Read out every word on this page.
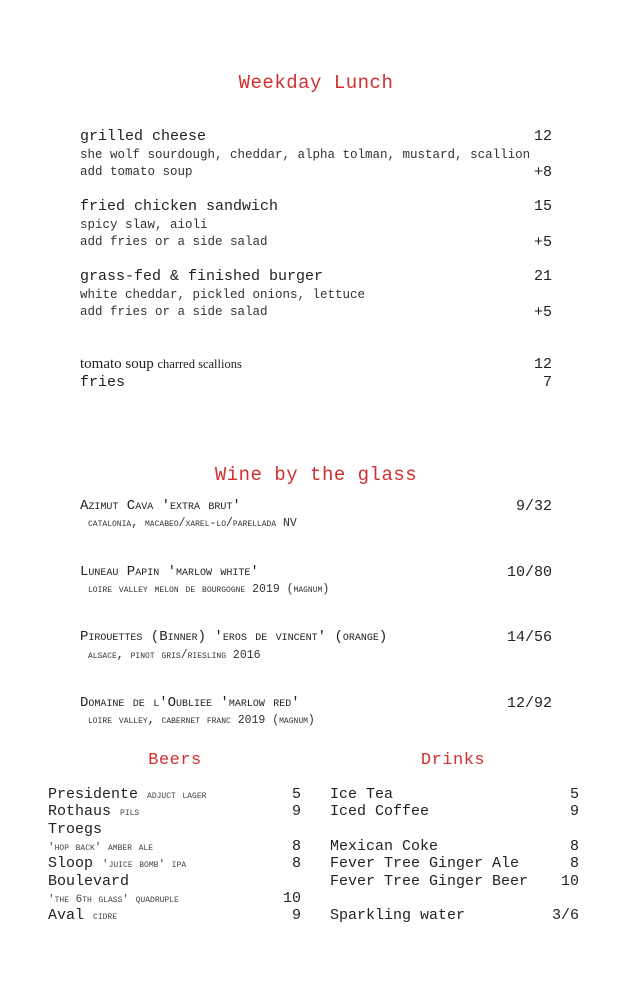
Weekday Lunch
grilled cheese	12
she wolf sourdough, cheddar, alpha tolman, mustard, scallion
add tomato soup	+8
fried chicken sandwich	15
spicy slaw, aioli
add fries or a side salad	+5
grass-fed & finished burger	21
white cheddar, pickled onions, lettuce
add fries or a side salad	+5
tomato soup charred scallions	12
fries	7
Wine by the glass
Azimut Cava 'extra brut'	9/32
catalonia, macabeo/xarel-lo/parellada NV
Luneau Papin 'marlow white'	10/80
loire valley melon de bourgogne 2019 (magnum)
Pirouettes (Binner) 'eros de vincent' (orange)	14/56
alsace, pinot gris/riesling 2016
Domaine de l'Oubliee 'marlow red'	12/92
loire valley, cabernet franc 2019 (magnum)
Beers
Presidente adjuct lager	5
Rothaus pils	9
Troegs
'hop back' amber ale	8
Sloop 'juice bomb' ipa	8
Boulevard
'the 6th glass' quadruple	10
Aval cidre	9
Drinks
Ice Tea	5
Iced Coffee	9
Mexican Coke	8
Fever Tree Ginger Ale	8
Fever Tree Ginger Beer 10
Sparkling water	3/6
